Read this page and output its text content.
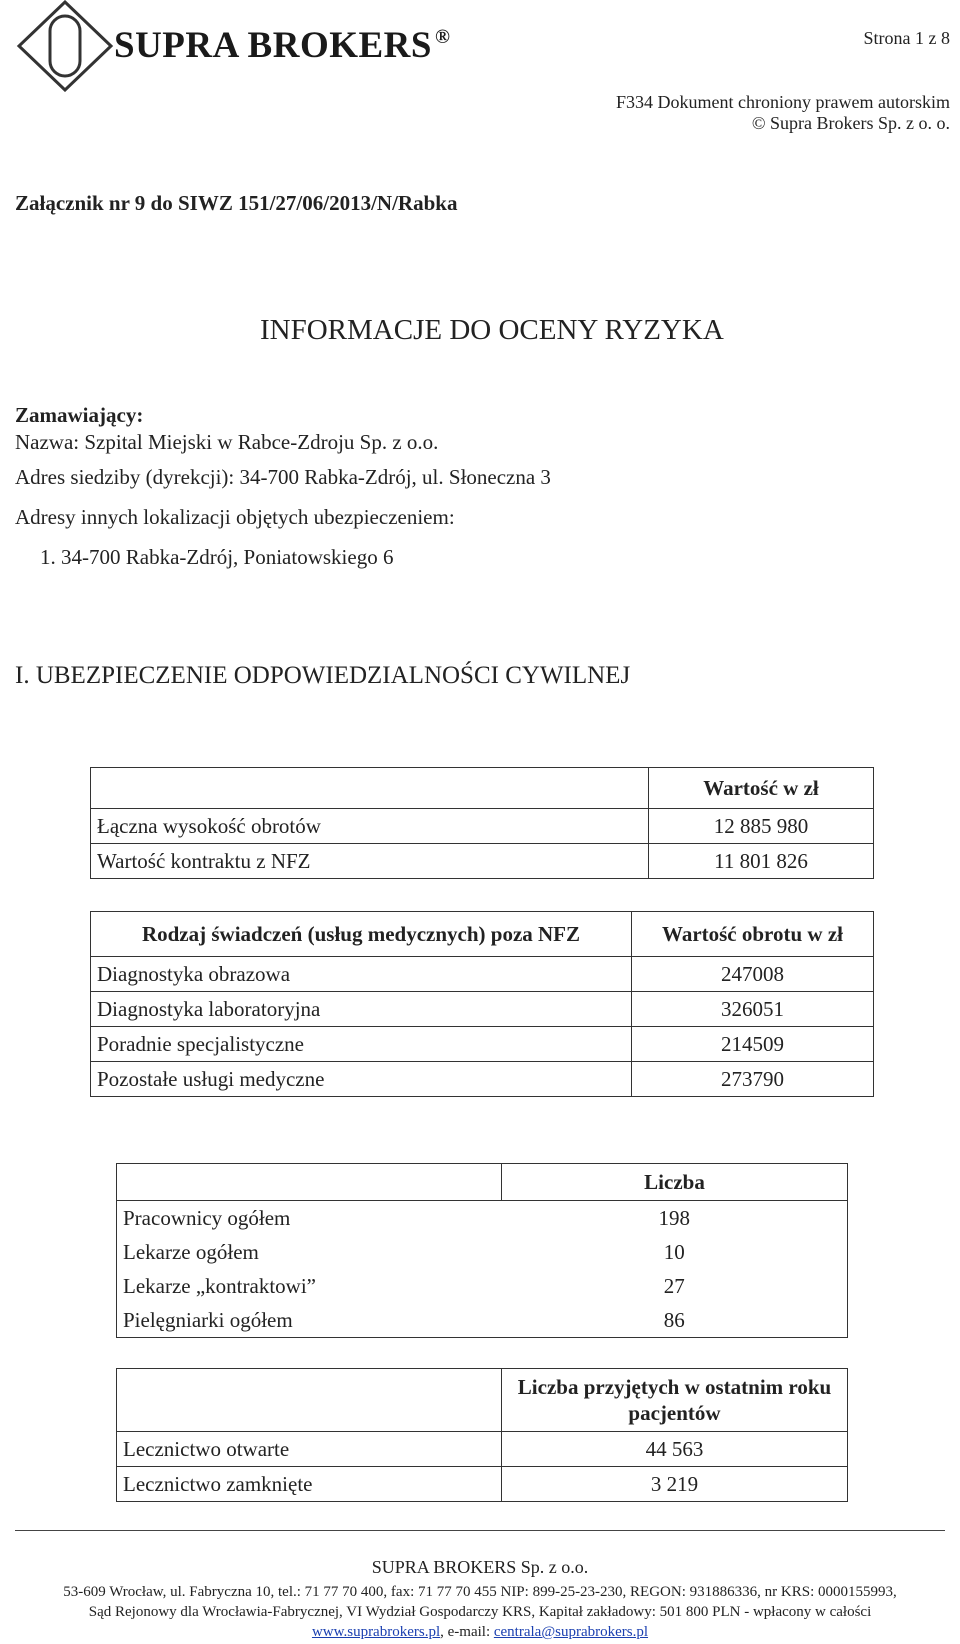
SUPRA BROKERS ®	Strona 1 z 8
F334 Dokument chroniony prawem autorskim
© Supra Brokers Sp. z o. o.
Załącznik nr 9 do SIWZ 151/27/06/2013/N/Rabka
INFORMACJE DO OCENY RYZYKA
Zamawiający:
Nazwa: Szpital Miejski w Rabce-Zdroju Sp. z o.o.
Adres siedziby (dyrekcji): 34-700 Rabka-Zdrój, ul. Słoneczna 3
Adresy innych lokalizacji objętych ubezpieczeniem:
1. 34-700 Rabka-Zdrój, Poniatowskiego 6
I. UBEZPIECZENIE ODPOWIEDZIALNOŚCI CYWILNEJ
	Wartość w zł
Łączna wysokość obrotów	12 885 980
Wartość kontraktu z NFZ	11 801 826
Rodzaj świadczeń (usług medycznych) poza NFZ	Wartość obrotu w zł
Diagnostyka obrazowa	247008
Diagnostyka laboratoryjna	326051
Poradnie specjalistyczne	214509
Pozostałe usługi medyczne	273790
	Liczba
Pracownicy ogółem	198
Lekarze ogółem	10
Lekarze „kontraktowi”	27
Pielęgniarki ogółem	86
	Liczba przyjętych w ostatnim roku pacjentów
Lecznictwo otwarte	44 563
Lecznictwo zamknięte	3 219
SUPRA BROKERS Sp. z o.o.
53-609 Wrocław, ul. Fabryczna 10, tel.: 71 77 70 400, fax: 71 77 70 455 NIP: 899-25-23-230, REGON: 931886336, nr KRS: 0000155993,
Sąd Rejonowy dla Wrocławia-Fabrycznej, VI Wydział Gospodarczy KRS, Kapitał zakładowy: 501 800 PLN - wpłacony w całości
www.suprabrokers.pl, e-mail: centrala@suprabrokers.pl
